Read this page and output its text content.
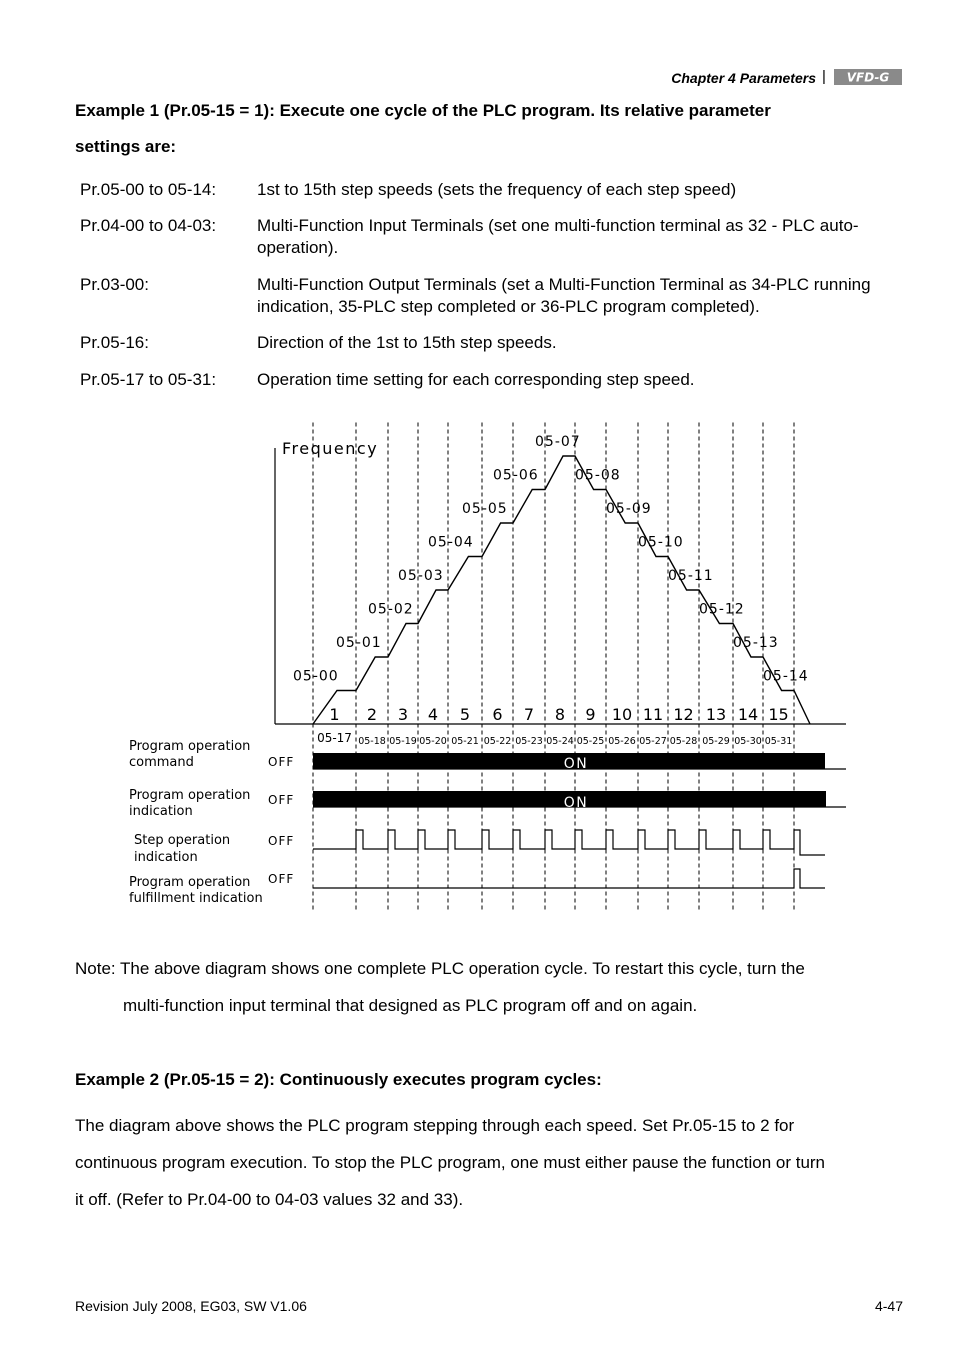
Chapter 4 Parameters | VFD-G
Example 1 (Pr.05-15 = 1): Execute one cycle of the PLC program. Its relative parameter
settings are:
Pr.05-00 to 05-14: 1st to 15th step speeds (sets the frequency of each step speed)
Pr.04-00 to 04-03: Multi-Function Input Terminals (set one multi-function terminal as 32 - PLC auto-operation).
Pr.03-00:	Multi-Function Output Terminals (set a Multi-Function Terminal as 34-PLC running indication, 35-PLC step completed or 36-PLC program completed).
Pr.05-16:	Direction of the 1st to 15th step speeds.
Pr.05-17 to 05-31: Operation time setting for each corresponding step speed.
Frequency
Program operation
command	OFF
Program operation
indication
OFF
Step operation
indication
OFF
Program operation
fulfillment indication
OFF
ON
ON
05-00
05-01
05-02
05-03
05-04
05-05
05-06
05-07
05-08
05-09
05-10
05-11
05-12
05-13
05-14
1 2 3 4 5 6 7 8 9 10 11 12 13 14 15
05-17 05-18 05-19 05-20 05-21 05-22 05-23 05-24 05-25 05-26 05-27 05-28 05-29 05-30 05-31
Note: The above diagram shows one complete PLC operation cycle. To restart this cycle, turn the
multi-function input terminal that designed as PLC program off and on again.
Example 2 (Pr.05-15 = 2): Continuously executes program cycles:
The diagram above shows the PLC program stepping through each speed. Set Pr.05-15 to 2 for
continuous program execution. To stop the PLC program, one must either pause the function or turn
it off. (Refer to Pr.04-00 to 04-03 values 32 and 33).
Revision July 2008, EG03, SW V1.06	4-47
